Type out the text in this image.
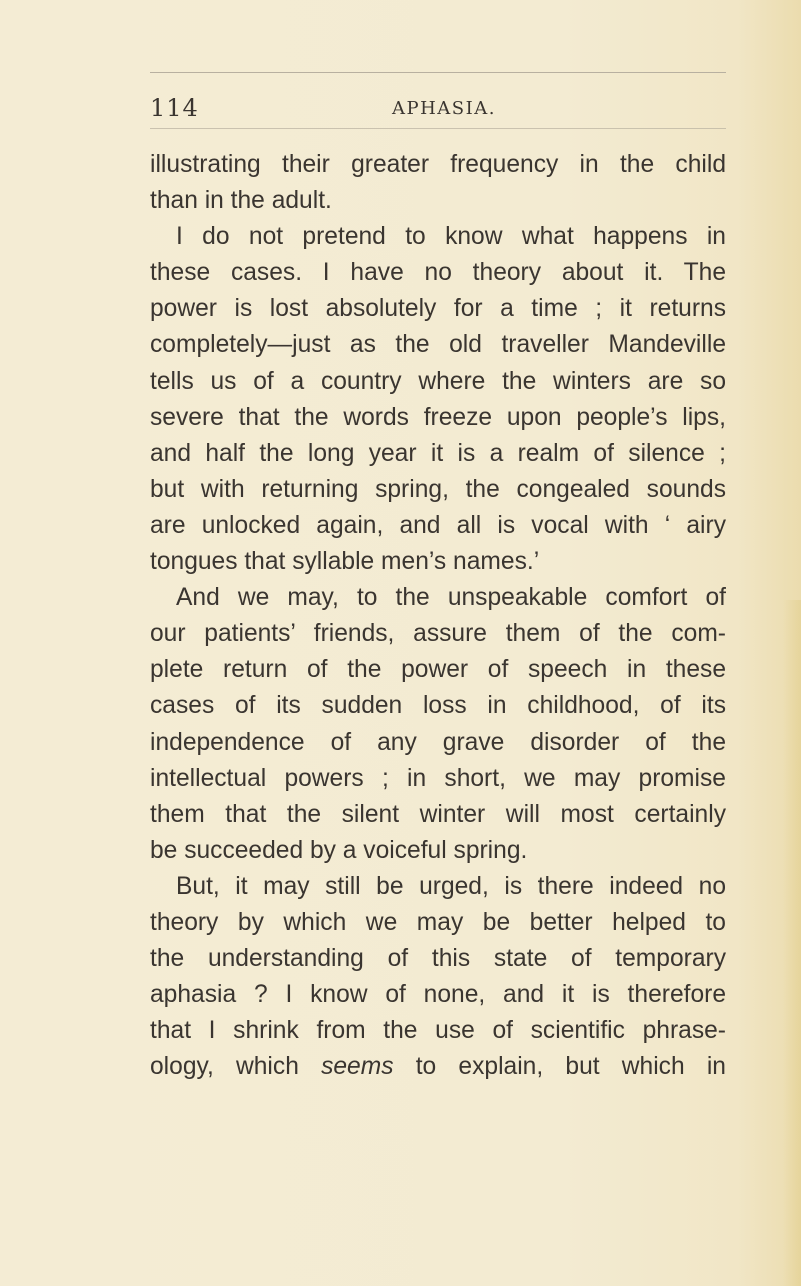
114	APHASIA.
illustrating their greater frequency in the child
than in the adult.
I do not pretend to know what happens in
these cases. I have no theory about it. The
power is lost absolutely for a time ; it returns
completely—just as the old traveller Mandeville
tells us of a country where the winters are so
severe that the words freeze upon people’s lips,
and half the long year it is a realm of silence ;
but with returning spring, the congealed sounds
are unlocked again, and all is vocal with ‘ airy
tongues that syllable men’s names.’
And we may, to the unspeakable comfort of
our patients’ friends, assure them of the com-
plete return of the power of speech in these
cases of its sudden loss in childhood, of its
independence of any grave disorder of the
intellectual powers ; in short, we may promise
them that the silent winter will most certainly
be succeeded by a voiceful spring.
But, it may still be urged, is there indeed no
theory by which we may be better helped to
the understanding of this state of temporary
aphasia ? I know of none, and it is therefore
that I shrink from the use of scientific phrase-
ology, which seems to explain, but which in
